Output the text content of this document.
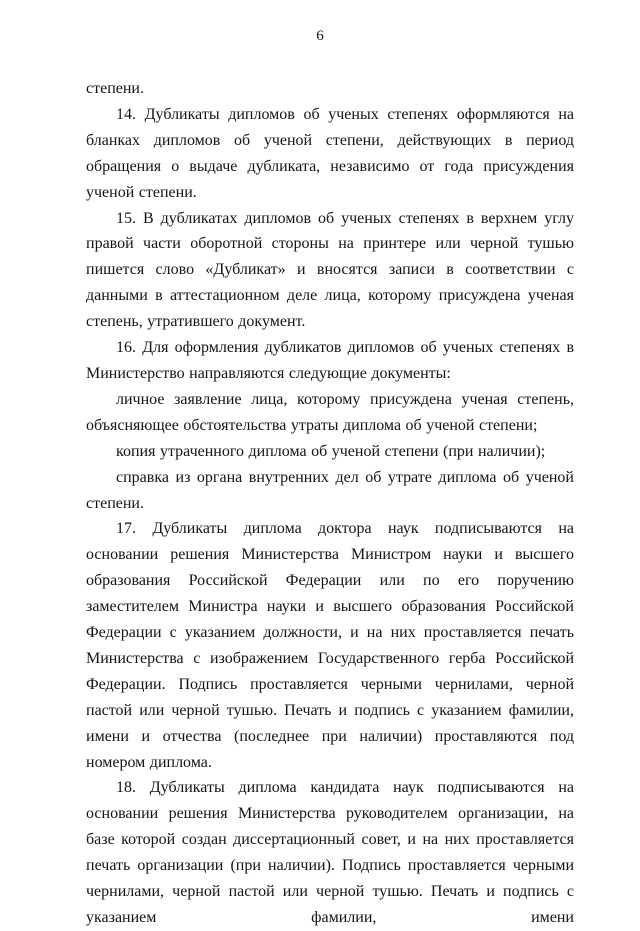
6

степени.

14. Дубликаты дипломов об ученых степенях оформляются на бланках дипломов об ученой степени, действующих в период обращения о выдаче дубликата, независимо от года присуждения ученой степени.

15. В дубликатах дипломов об ученых степенях в верхнем углу правой части оборотной стороны на принтере или черной тушью пишется слово «Дубликат» и вносятся записи в соответствии с данными в аттестационном деле лица, которому присуждена ученая степень, утратившего документ.

16. Для оформления дубликатов дипломов об ученых степенях в Министерство направляются следующие документы:

личное заявление лица, которому присуждена ученая степень, объясняющее обстоятельства утраты диплома об ученой степени;

копия утраченного диплома об ученой степени (при наличии);

справка из органа внутренних дел об утрате диплома об ученой степени.

17. Дубликаты диплома доктора наук подписываются на основании решения Министерства Министром науки и высшего образования Российской Федерации или по его поручению заместителем Министра науки и высшего образования Российской Федерации с указанием должности, и на них проставляется печать Министерства с изображением Государственного герба Российской Федерации. Подпись проставляется черными чернилами, черной пастой или черной тушью. Печать и подпись с указанием фамилии, имени и отчества (последнее при наличии) проставляются под номером диплома.

18. Дубликаты диплома кандидата наук подписываются на основании решения Министерства руководителем организации, на базе которой создан диссертационный совет, и на них проставляется печать организации (при наличии). Подпись проставляется черными чернилами, черной пастой или черной тушью. Печать и подпись с указанием фамилии, имени
